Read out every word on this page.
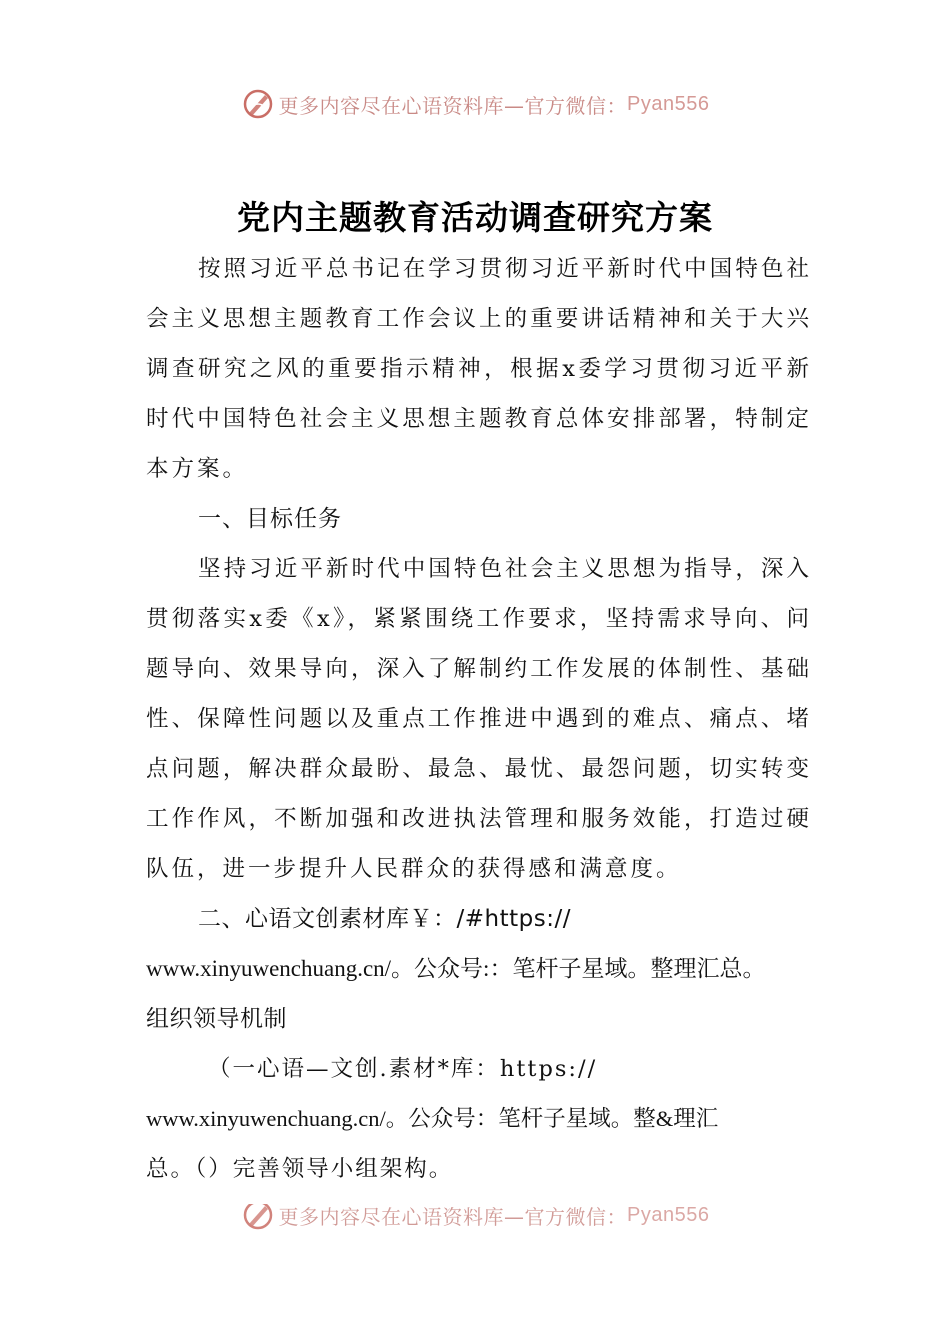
更多内容尽在心语资料库—官方微信： Pyan556
党内主题教育活动调查研究方案

按照习近平总书记在学习贯彻习近平新时代中国特色社会主义思想主题教育工作会议上的重要讲话精神和关于大兴调查研究之风的重要指示精神，根据x委学习贯彻习近平新时代中国特色社会主义思想主题教育总体安排部署，特制定本方案。

一、目标任务

坚持习近平新时代中国特色社会主义思想为指导，深入贯彻落实x委《x》，紧紧围绕工作要求，坚持需求导向、问题导向、效果导向，深入了解制约工作发展的体制性、基础性、保障性问题以及重点工作推进中遇到的难点、痛点、堵点问题，解决群众最盼、最急、最忧、最怨问题，切实转变工作作风，不断加强和改进执法管理和服务效能，打造过硬队伍，进一步提升人民群众的获得感和满意度。

二、心语文创素材库￥：/#https://
www.xinyuwenchuang.cn/。公众号:：笔杆子星域。整理汇总。
组织领导机制
（一心语—文创.素材*库：https://
www.xinyuwenchuang.cn/。公众号：笔杆子星域。整&理汇
总。（）完善领导小组架构。
更多内容尽在心语资料库—官方微信： Pyan556
